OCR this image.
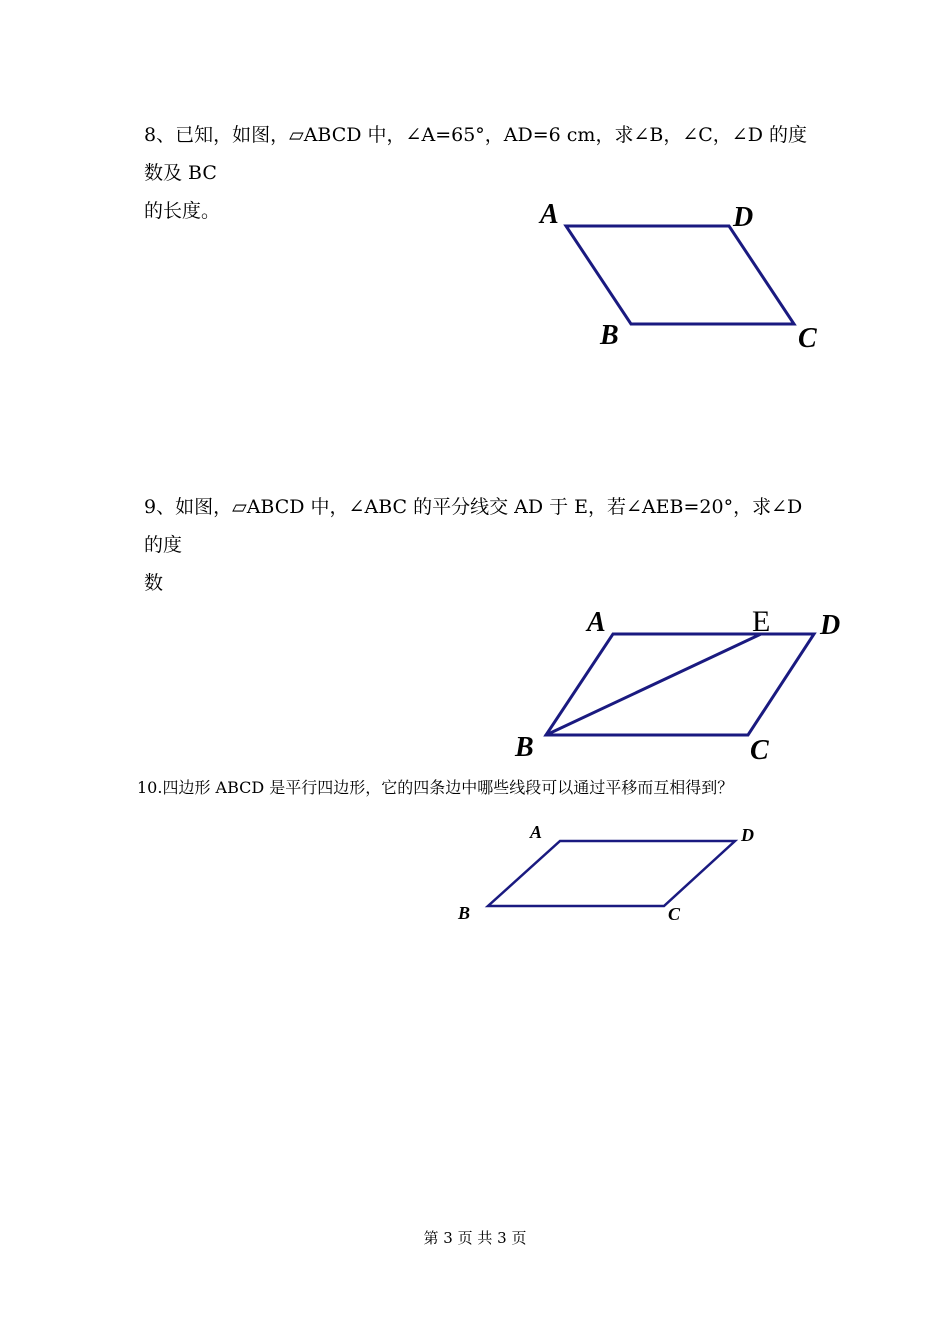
8、已知，如图，▱ABCD 中，∠A=65°，AD=6 cm，求∠B，∠C，∠D 的度数及 BC
的长度。	A	D
B	C

9、如图，▱ABCD 中，∠ABC 的平分线交 AD 于 E，若∠AEB=20°，求∠D 的度
数

A	E D
B	C

10.四边形 ABCD 是平行四边形，它的四条边中哪些线段可以通过平移而互相得到？

A	D
B	C
第 3 页 共 3 页
